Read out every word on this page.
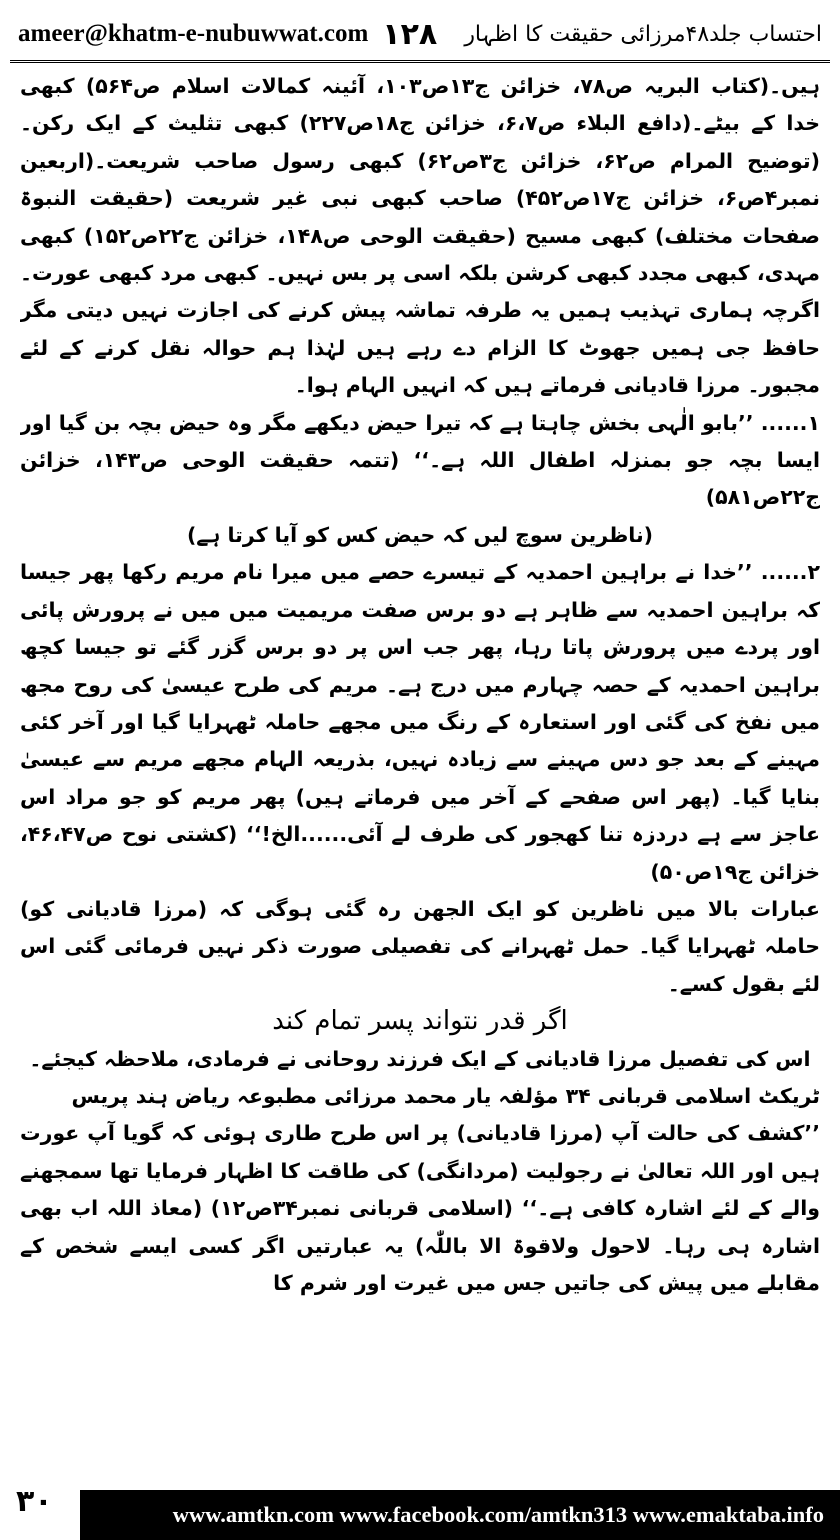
ameer@khatm-e-nubuwwat.com ۱۲۸ احتساب جلد۴۸مرزائی حقیقت کا اظہار

ہیں۔(کتاب البریہ ص۷۸، خزائن ج۱۳ص۱۰۳، آئینہ کمالات اسلام ص۵۶۴) کبھی خدا کے بیٹے۔(دافع البلاء ص۶،۷، خزائن ج۱۸ص۲۲۷) کبھی تثلیث کے ایک رکن۔(توضیح المرام ص۶۲، خزائن ج۳ص۶۲) کبھی رسول صاحب شریعت۔(اربعین نمبر۴ص۶، خزائن ج۱۷ص۴۵۲) صاحب کبھی نبی غیر شریعت (حقیقت النبوۃ صفحات مختلف) کبھی مسیح (حقیقت الوحی ص۱۴۸، خزائن ج۲۲ص۱۵۲) کبھی مہدی، کبھی مجدد کبھی کرشن بلکہ اسی پر بس نہیں۔ کبھی مرد کبھی عورت۔ اگرچہ ہماری تہذیب ہمیں یہ طرفہ تماشہ پیش کرنے کی اجازت نہیں دیتی مگر حافظ جی ہمیں جھوٹ کا الزام دے رہے ہیں لہٰذا ہم حوالہ نقل کرنے کے لئے مجبور۔ مرزا قادیانی فرماتے ہیں کہ انہیں الہام ہوا۔

۱...... ’’بابو الٰہی بخش چاہتا ہے کہ تیرا حیض دیکھے مگر وہ حیض بچہ بن گیا اور ایسا بچہ جو بمنزلہ اطفال اللہ ہے۔‘‘ (تتمہ حقیقت الوحی ص۱۴۳، خزائن ج۲۲ص۵۸۱)

(ناظرین سوچ لیں کہ حیض کس کو آیا کرتا ہے)

۲...... ’’خدا نے براہین احمدیہ کے تیسرے حصے میں میرا نام مریم رکھا پھر جیسا کہ براہین احمدیہ سے ظاہر ہے دو برس صفت مریمیت میں میں نے پرورش پائی اور پردے میں پرورش پاتا رہا، پھر جب اس پر دو برس گزر گئے تو جیسا کچھ براہین احمدیہ کے حصہ چہارم میں درج ہے۔ مریم کی طرح عیسیٰ کی روح مجھ میں نفخ کی گئی اور استعارہ کے رنگ میں مجھے حاملہ ٹھہرایا گیا اور آخر کئی مہینے کے بعد جو دس مہینے سے زیادہ نہیں، بذریعہ الہام مجھے مریم سے عیسیٰ بنایا گیا۔ (پھر اس صفحے کے آخر میں فرماتے ہیں) پھر مریم کو جو مراد اس عاجز سے ہے دردزہ تنا کھجور کی طرف لے آئی......الخ!‘‘ (کشتی نوح ص۴۶،۴۷، خزائن ج۱۹ص۵۰)

عبارات بالا میں ناظرین کو ایک الجھن رہ گئی ہوگی کہ (مرزا قادیانی کو) حاملہ ٹھہرایا گیا۔ حمل ٹھہرانے کی تفصیلی صورت ذکر نہیں فرمائی گئی اس لئے بقول کسے۔

اگر قدر نتواند پسر تمام کند

اس کی تفصیل مرزا قادیانی کے ایک فرزند روحانی نے فرمادی، ملاحظہ کیجئے۔

ٹریکٹ اسلامی قربانی ۳۴ مؤلفہ یار محمد مرزائی مطبوعہ ریاض ہند پریس

’’کشف کی حالت آپ (مرزا قادیانی) پر اس طرح طاری ہوئی کہ گویا آپ عورت ہیں اور اللہ تعالیٰ نے رجولیت (مردانگی) کی طاقت کا اظہار فرمایا تھا سمجھنے والے کے لئے اشارہ کافی ہے۔‘‘ (اسلامی قربانی نمبر۳۴ص۱۲) (معاذ اللہ اب بھی اشارہ ہی رہا۔ لاحول ولاقوۃ الا باللّٰہ) یہ عبارتیں اگر کسی ایسے شخص کے مقابلے میں پیش کی جاتیں جس میں غیرت اور شرم کا

www.amtkn.com www.facebook.com/amtkn313 www.emaktaba.info
۳۰
